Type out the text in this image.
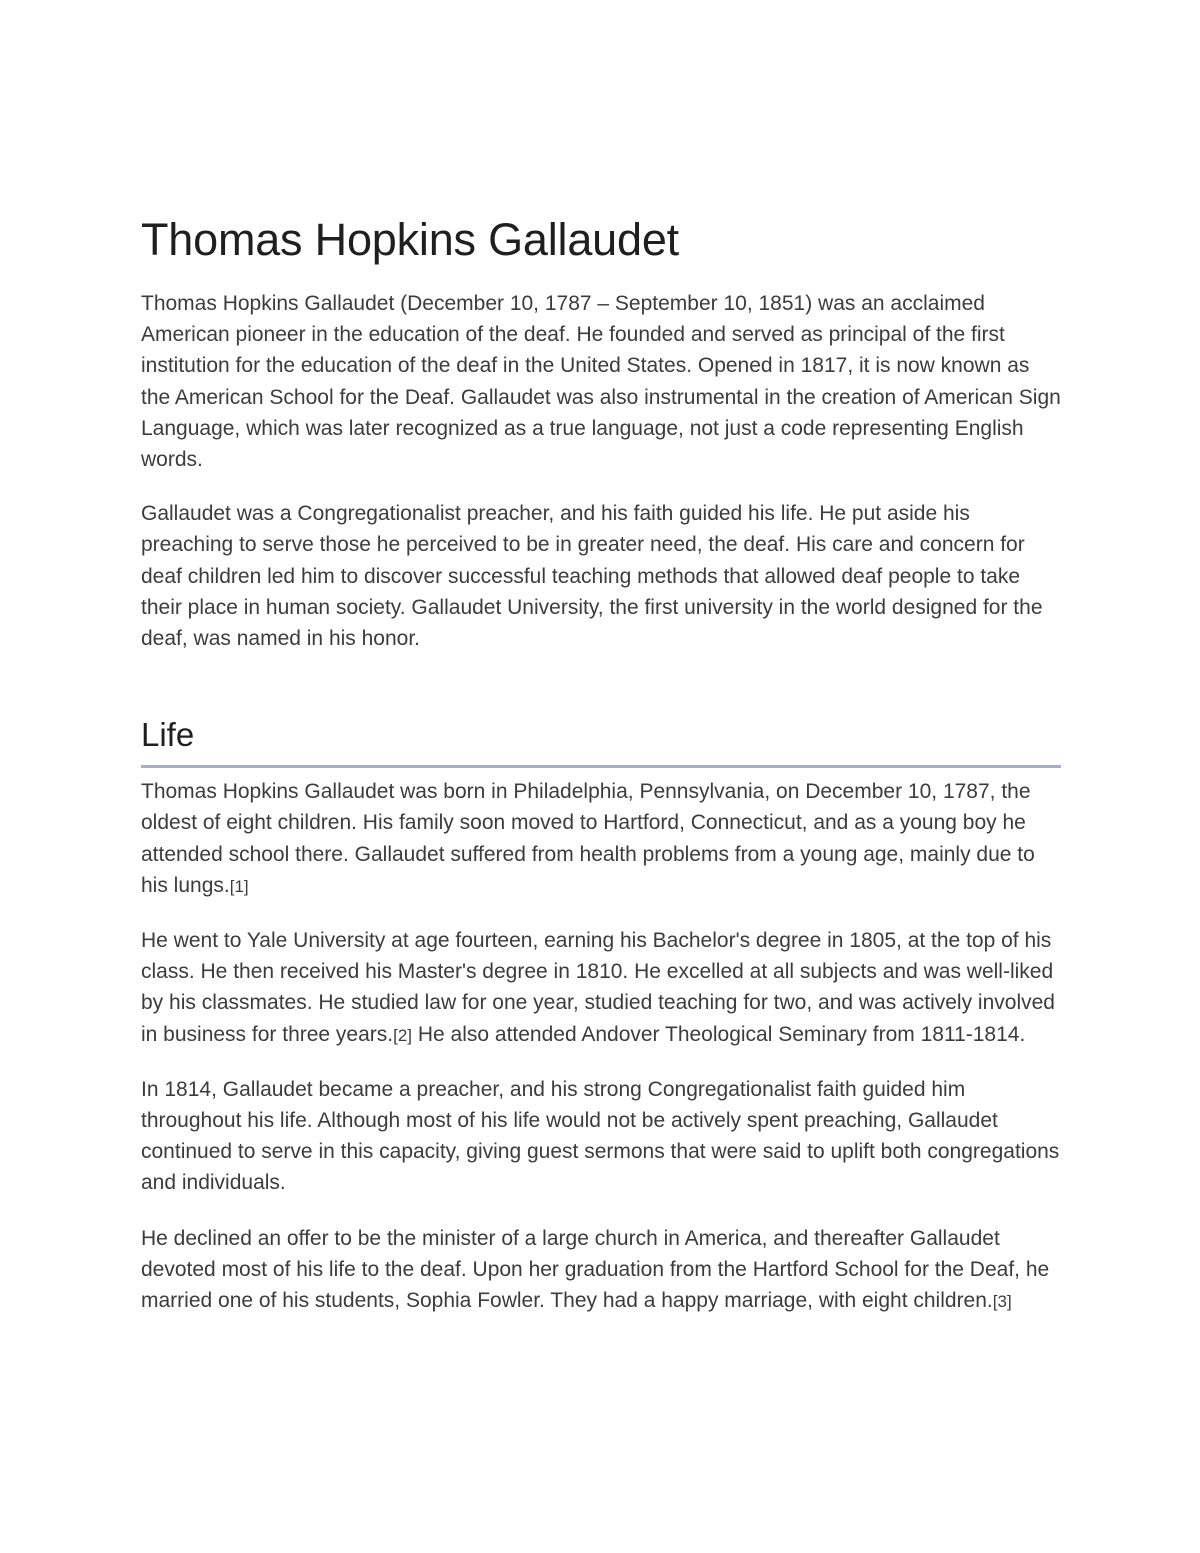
Thomas Hopkins Gallaudet

Thomas Hopkins Gallaudet (December 10, 1787 – September 10, 1851) was an acclaimed American pioneer in the education of the deaf. He founded and served as principal of the first institution for the education of the deaf in the United States. Opened in 1817, it is now known as the American School for the Deaf. Gallaudet was also instrumental in the creation of American Sign Language, which was later recognized as a true language, not just a code representing English words.

Gallaudet was a Congregationalist preacher, and his faith guided his life. He put aside his preaching to serve those he perceived to be in greater need, the deaf. His care and concern for deaf children led him to discover successful teaching methods that allowed deaf people to take their place in human society. Gallaudet University, the first university in the world designed for the deaf, was named in his honor.

Life

Thomas Hopkins Gallaudet was born in Philadelphia, Pennsylvania, on December 10, 1787, the oldest of eight children. His family soon moved to Hartford, Connecticut, and as a young boy he attended school there. Gallaudet suffered from health problems from a young age, mainly due to his lungs.[1]

He went to Yale University at age fourteen, earning his Bachelor's degree in 1805, at the top of his class. He then received his Master's degree in 1810. He excelled at all subjects and was well-liked by his classmates. He studied law for one year, studied teaching for two, and was actively involved in business for three years.[2] He also attended Andover Theological Seminary from 1811-1814.

In 1814, Gallaudet became a preacher, and his strong Congregationalist faith guided him throughout his life. Although most of his life would not be actively spent preaching, Gallaudet continued to serve in this capacity, giving guest sermons that were said to uplift both congregations and individuals.

He declined an offer to be the minister of a large church in America, and thereafter Gallaudet devoted most of his life to the deaf. Upon her graduation from the Hartford School for the Deaf, he married one of his students, Sophia Fowler. They had a happy marriage, with eight children.[3]
